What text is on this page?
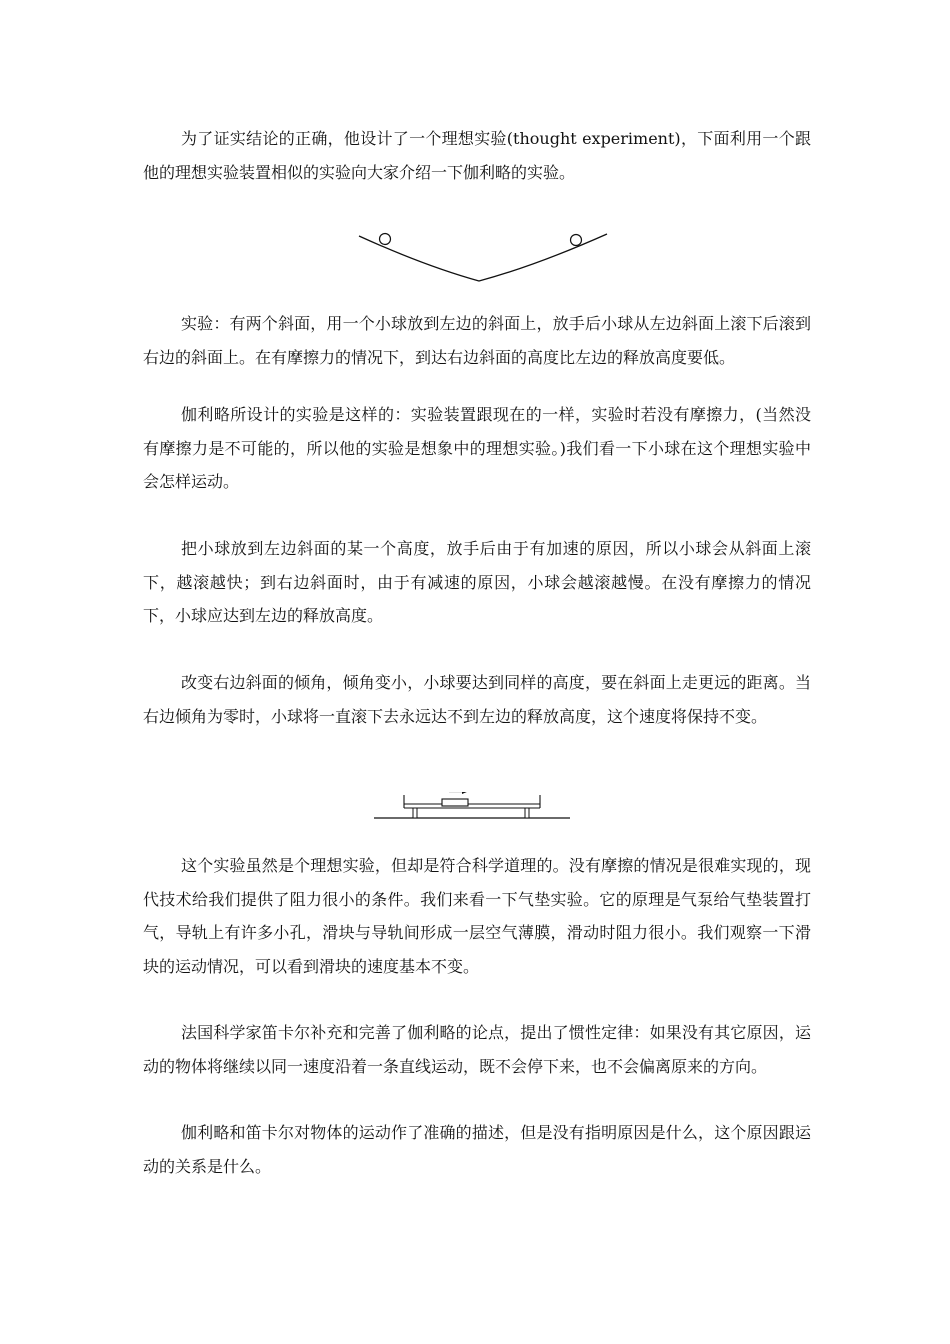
为了证实结论的正确，他设计了一个理想实验(thought experiment)，下面利用一个跟他的理想实验装置相似的实验向大家介绍一下伽利略的实验。

实验：有两个斜面，用一个小球放到左边的斜面上，放手后小球从左边斜面上滚下后滚到右边的斜面上。在有摩擦力的情况下，到达右边斜面的高度比左边的释放高度要低。

伽利略所设计的实验是这样的：实验装置跟现在的一样，实验时若没有摩擦力，(当然没有摩擦力是不可能的，所以他的实验是想象中的理想实验。)我们看一下小球在这个理想实验中会怎样运动。

把小球放到左边斜面的某一个高度，放手后由于有加速的原因，所以小球会从斜面上滚下，越滚越快；到右边斜面时，由于有减速的原因，小球会越滚越慢。在没有摩擦力的情况下，小球应达到左边的释放高度。

改变右边斜面的倾角，倾角变小，小球要达到同样的高度，要在斜面上走更远的距离。当右边倾角为零时，小球将一直滚下去永远达不到左边的释放高度，这个速度将保持不变。

这个实验虽然是个理想实验，但却是符合科学道理的。没有摩擦的情况是很难实现的，现代技术给我们提供了阻力很小的条件。我们来看一下气垫实验。它的原理是气泵给气垫装置打气，导轨上有许多小孔，滑块与导轨间形成一层空气薄膜，滑动时阻力很小。我们观察一下滑块的运动情况，可以看到滑块的速度基本不变。

法国科学家笛卡尔补充和完善了伽利略的论点，提出了惯性定律：如果没有其它原因，运动的物体将继续以同一速度沿着一条直线运动，既不会停下来，也不会偏离原来的方向。

伽利略和笛卡尔对物体的运动作了准确的描述，但是没有指明原因是什么，这个原因跟运动的关系是什么。
